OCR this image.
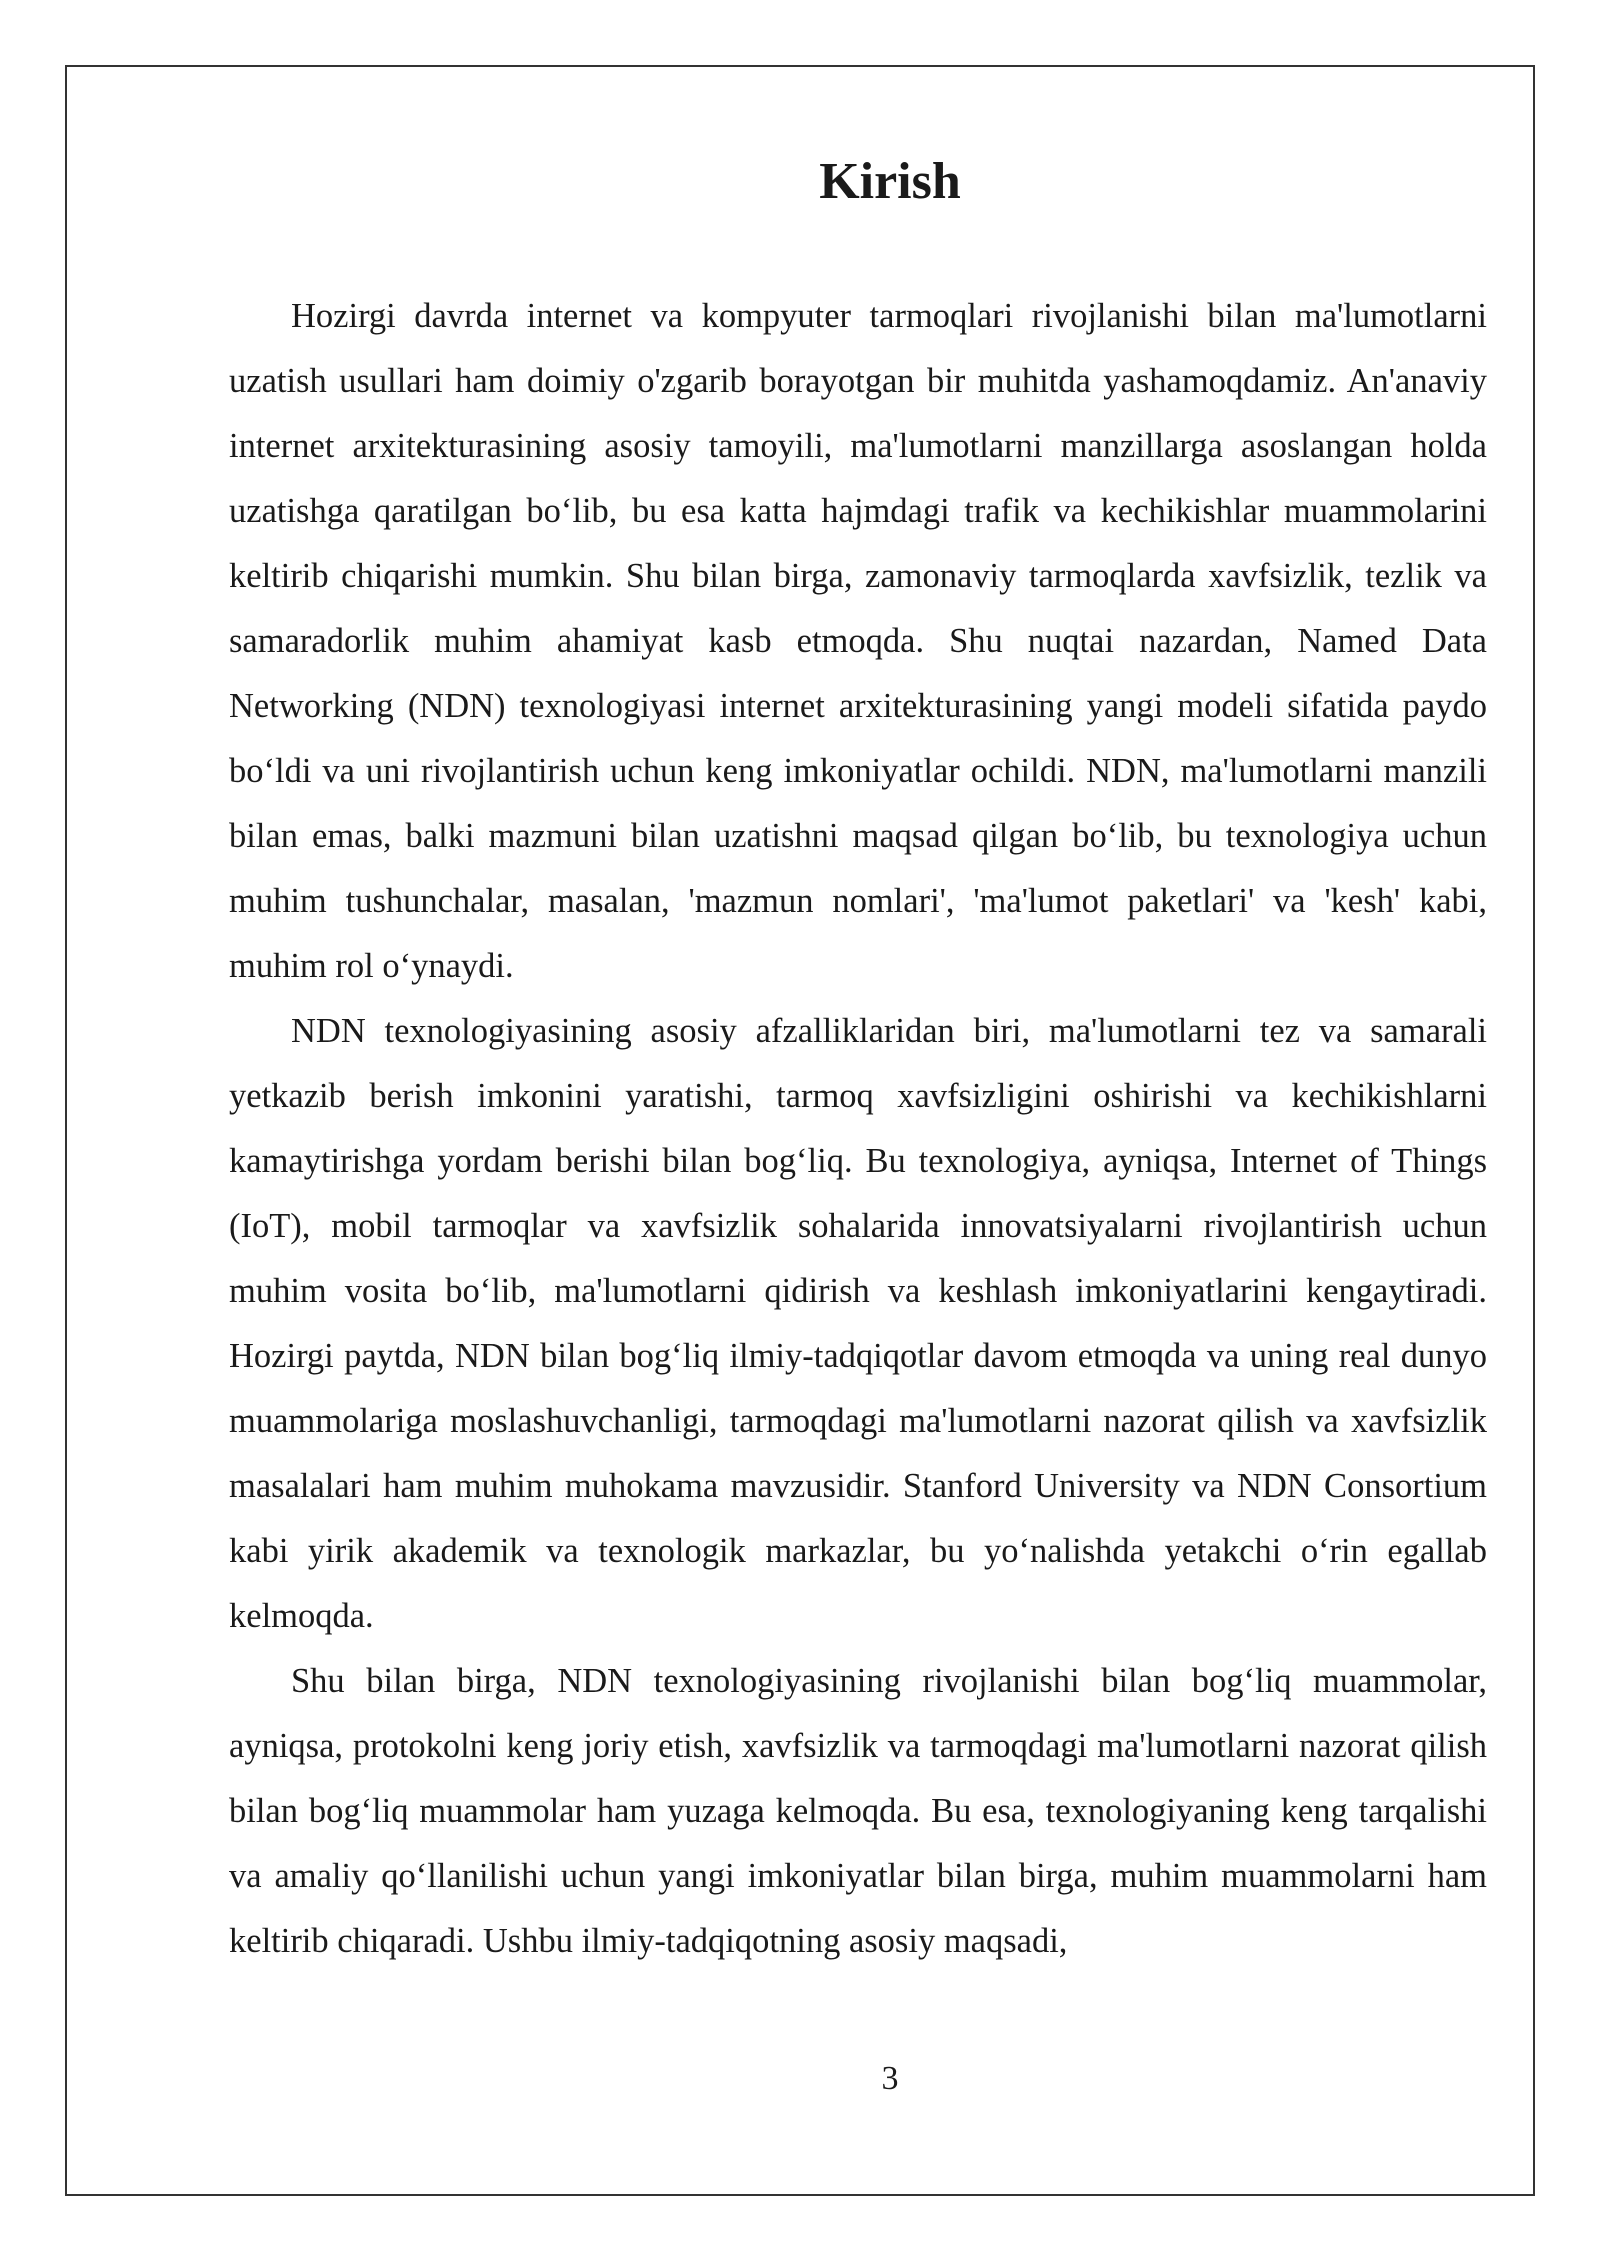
Kirish

Hozirgi davrda internet va kompyuter tarmoqlari rivojlanishi bilan ma'lumotlarni uzatish usullari ham doimiy o'zgarib borayotgan bir muhitda yashamoqdamiz. An'anaviy internet arxitekturasining asosiy tamoyili, ma'lumotlarni manzillarga asoslangan holda uzatishga qaratilgan bo‘lib, bu esa katta hajmdagi trafik va kechikishlar muammolarini keltirib chiqarishi mumkin. Shu bilan birga, zamonaviy tarmoqlarda xavfsizlik, tezlik va samaradorlik muhim ahamiyat kasb etmoqda. Shu nuqtai nazardan, Named Data Networking (NDN) texnologiyasi internet arxitekturasining yangi modeli sifatida paydo bo‘ldi va uni rivojlantirish uchun keng imkoniyatlar ochildi. NDN, ma'lumotlarni manzili bilan emas, balki mazmuni bilan uzatishni maqsad qilgan bo‘lib, bu texnologiya uchun muhim tushunchalar, masalan, 'mazmun nomlari', 'ma'lumot paketlari' va 'kesh' kabi, muhim rol o‘ynaydi.

NDN texnologiyasining asosiy afzalliklaridan biri, ma'lumotlarni tez va samarali yetkazib berish imkonini yaratishi, tarmoq xavfsizligini oshirishi va kechikishlarni kamaytirishga yordam berishi bilan bog‘liq. Bu texnologiya, ayniqsa, Internet of Things (IoT), mobil tarmoqlar va xavfsizlik sohalarida innovatsiyalarni rivojlantirish uchun muhim vosita bo‘lib, ma'lumotlarni qidirish va keshlash imkoniyatlarini kengaytiradi. Hozirgi paytda, NDN bilan bog‘liq ilmiy-tadqiqotlar davom etmoqda va uning real dunyo muammolariga moslashuvchanligi, tarmoqdagi ma'lumotlarni nazorat qilish va xavfsizlik masalalari ham muhim muhokama mavzusidir. Stanford University va NDN Consortium kabi yirik akademik va texnologik markazlar, bu yo‘nalishda yetakchi o‘rin egallab kelmoqda.

Shu bilan birga, NDN texnologiyasining rivojlanishi bilan bog‘liq muammolar, ayniqsa, protokolni keng joriy etish, xavfsizlik va tarmoqdagi ma'lumotlarni nazorat qilish bilan bog‘liq muammolar ham yuzaga kelmoqda. Bu esa, texnologiyaning keng tarqalishi va amaliy qo‘llanilishi uchun yangi imkoniyatlar bilan birga, muhim muammolarni ham keltirib chiqaradi. Ushbu ilmiy-tadqiqotning asosiy maqsadi,

3
